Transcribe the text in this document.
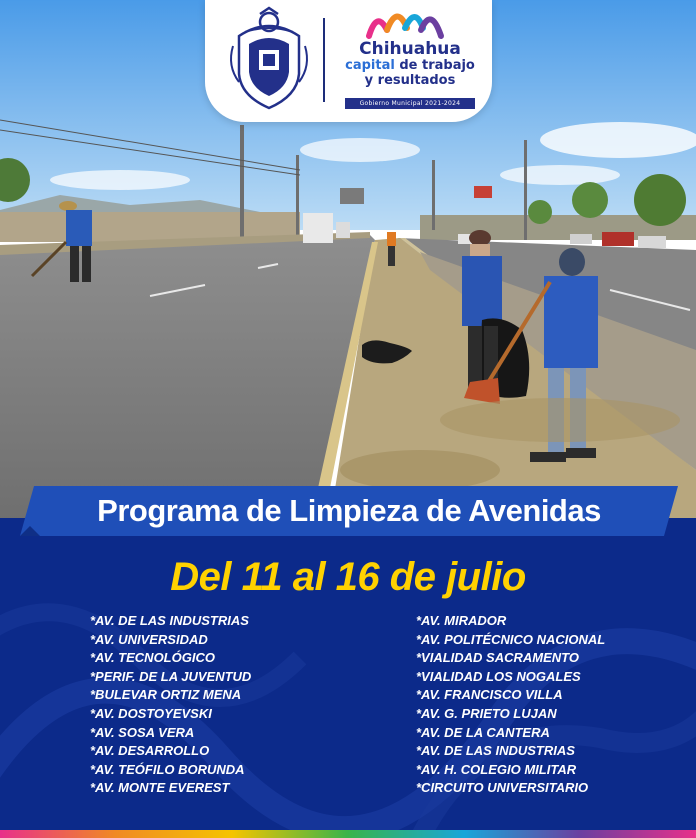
Chihuahua
capital de trabajo
y resultados
Gobierno Municipal 2021-2024
Programa de Limpieza de Avenidas
Del 11 al 16 de julio
*AV. DE LAS INDUSTRIAS
*AV. UNIVERSIDAD
*AV. TECNOLÓGICO
*PERIF. DE LA JUVENTUD
*BULEVAR ORTIZ MENA
*AV. DOSTOYEVSKI
*AV. SOSA VERA
*AV. DESARROLLO
*AV. TEÓFILO BORUNDA
*AV. MONTE EVEREST
*AV. MIRADOR
*AV. POLITÉCNICO NACIONAL
*VIALIDAD SACRAMENTO
*VIALIDAD LOS NOGALES
*AV. FRANCISCO VILLA
*AV. G. PRIETO LUJAN
*AV. DE LA CANTERA
*AV. DE LAS INDUSTRIAS
*AV. H. COLEGIO MILITAR
*CIRCUITO UNIVERSITARIO
